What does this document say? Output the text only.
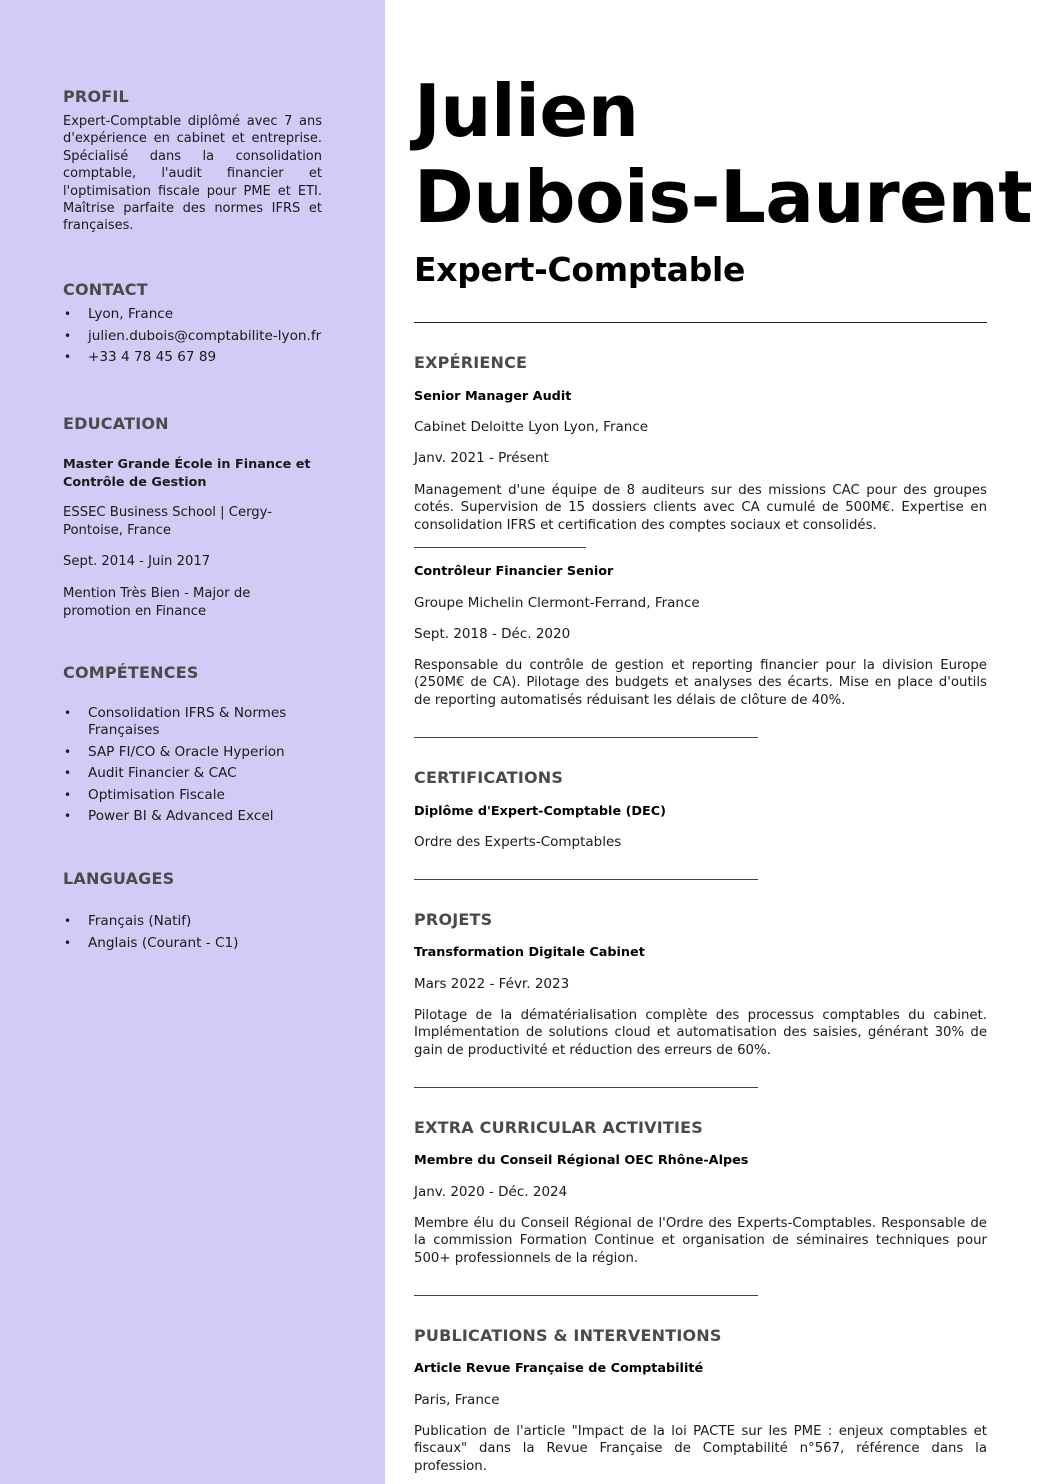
PROFIL

Expert-Comptable diplômé avec 7 ans d'expérience en cabinet et entreprise. Spécialisé dans la consolidation comptable, l'audit financier et l'optimisation fiscale pour PME et ETI. Maîtrise parfaite des normes IFRS et françaises.

CONTACT
• Lyon, France
• julien.dubois@comptabilite-lyon.fr
• +33 4 78 45 67 89
EDUCATION

Master Grande École in Finance et Contrôle de Gestion

ESSEC Business School | Cergy-Pontoise, France

Sept. 2014 - Juin 2017

Mention Très Bien - Major de promotion en Finance

COMPÉTENCES
• Consolidation IFRS & Normes Françaises
• SAP FI/CO & Oracle Hyperion
• Audit Financier & CAC
• Optimisation Fiscale
• Power BI & Advanced Excel
LANGUAGES
• Français (Natif)
• Anglais (Courant - C1)
Julien
Dubois-Laurent
Expert-Comptable
EXPÉRIENCE

Senior Manager Audit

Cabinet Deloitte Lyon Lyon, France

Janv. 2021 - Présent

Management d'une équipe de 8 auditeurs sur des missions CAC pour des groupes cotés. Supervision de 15 dossiers clients avec CA cumulé de 500M€. Expertise en consolidation IFRS et certification des comptes sociaux et consolidés.

Contrôleur Financier Senior

Groupe Michelin Clermont-Ferrand, France

Sept. 2018 - Déc. 2020

Responsable du contrôle de gestion et reporting financier pour la division Europe (250M€ de CA). Pilotage des budgets et analyses des écarts. Mise en place d'outils de reporting automatisés réduisant les délais de clôture de 40%.

CERTIFICATIONS

Diplôme d'Expert-Comptable (DEC)

Ordre des Experts-Comptables

PROJETS

Transformation Digitale Cabinet

Mars 2022 - Févr. 2023

Pilotage de la dématérialisation complète des processus comptables du cabinet. Implémentation de solutions cloud et automatisation des saisies, générant 30% de gain de productivité et réduction des erreurs de 60%.

EXTRA CURRICULAR ACTIVITIES

Membre du Conseil Régional OEC Rhône-Alpes

Janv. 2020 - Déc. 2024

Membre élu du Conseil Régional de l'Ordre des Experts-Comptables. Responsable de la commission Formation Continue et organisation de séminaires techniques pour 500+ professionnels de la région.

PUBLICATIONS & INTERVENTIONS

Article Revue Française de Comptabilité

Paris, France

Publication de l'article "Impact de la loi PACTE sur les PME : enjeux comptables et fiscaux" dans la Revue Française de Comptabilité n°567, référence dans la profession.
